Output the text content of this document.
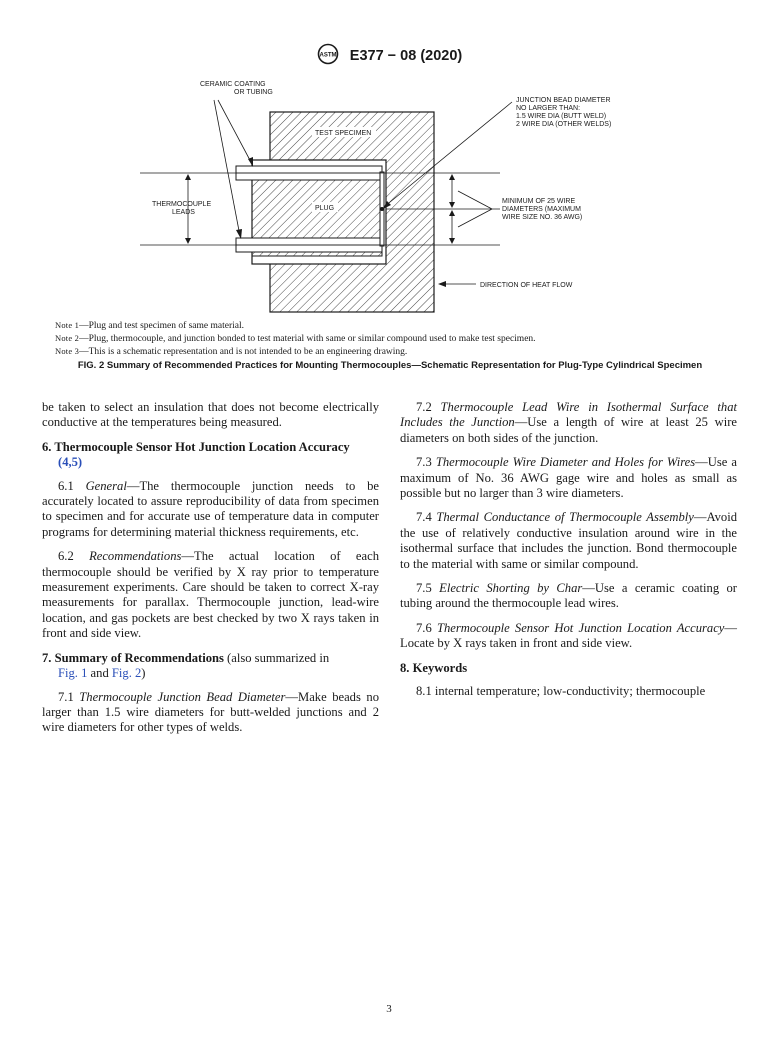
ASTM E377 − 08 (2020)
CERAMIC COATING
OR TUBING
JUNCTION BEAD DIAMETER
NO LARGER THAN:
1.5 WIRE DIA (BUTT WELD)
2 WIRE DIA (OTHER WELDS)
TEST SPECIMEN
PLUG
THERMOCOUPLE
LEADS
MINIMUM OF 25 WIRE
DIAMETERS (MAXIMUM
WIRE SIZE NO. 36 AWG)
DIRECTION OF HEAT FLOW
Note 1—Plug and test specimen of same material.
Note 2—Plug, thermocouple, and junction bonded to test material with same or similar compound used to make test specimen.
Note 3—This is a schematic representation and is not intended to be an engineering drawing.
FIG. 2 Summary of Recommended Practices for Mounting Thermocouples—Schematic Representation for Plug-Type Cylindrical Specimen

be taken to select an insulation that does not become electrically conductive at the temperatures being measured.

6. Thermocouple Sensor Hot Junction Location Accuracy
(4,5)

6.1 General—The thermocouple junction needs to be accurately located to assure reproducibility of data from specimen to specimen and for accurate use of temperature data in computer programs for determining material thickness requirements, etc.

6.2 Recommendations—The actual location of each thermocouple should be verified by X ray prior to temperature measurement experiments. Care should be taken to correct X-ray measurements for parallax. Thermocouple junction, lead-wire location, and gas pockets are best checked by two X rays taken in front and side view.

7. Summary of Recommendations (also summarized in
Fig. 1 and Fig. 2)

7.1 Thermocouple Junction Bead Diameter—Make beads no larger than 1.5 wire diameters for butt-welded junctions and 2 wire diameters for other types of welds.

7.2 Thermocouple Lead Wire in Isothermal Surface that Includes the Junction—Use a length of wire at least 25 wire diameters on both sides of the junction.

7.3 Thermocouple Wire Diameter and Holes for Wires—Use a maximum of No. 36 AWG gage wire and holes as small as possible but no larger than 3 wire diameters.

7.4 Thermal Conductance of Thermocouple Assembly—Avoid the use of relatively conductive insulation around wire in the isothermal surface that includes the junction. Bond thermocouple to the material with same or similar compound.

7.5 Electric Shorting by Char—Use a ceramic coating or tubing around the thermocouple lead wires.

7.6 Thermocouple Sensor Hot Junction Location Accuracy—Locate by X rays taken in front and side view.

8. Keywords

8.1 internal temperature; low-conductivity; thermocouple

3
